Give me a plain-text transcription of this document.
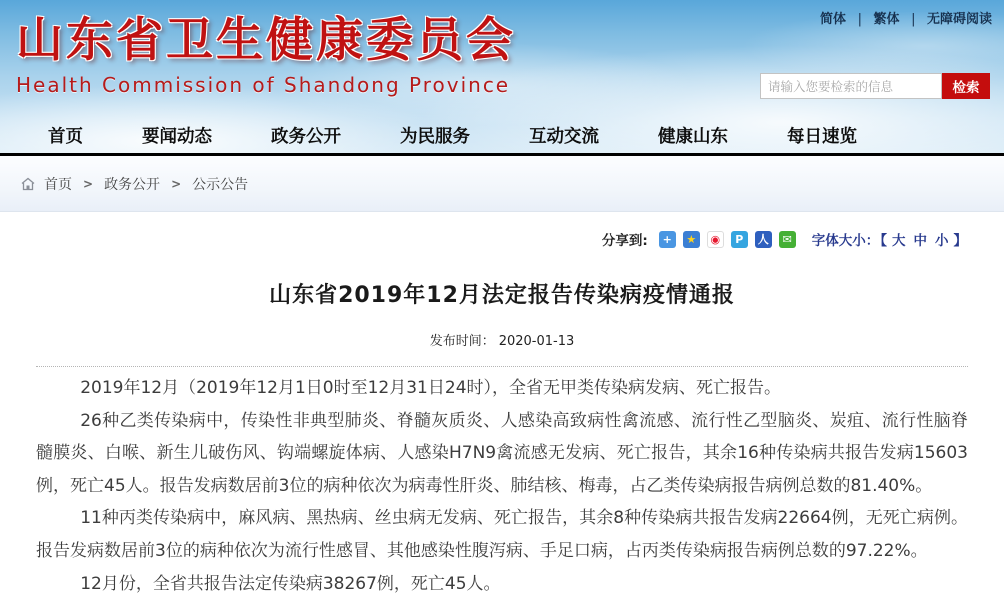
简体 | 繁体 | 无障碍阅读
山东省卫生健康委员会
Health Commission of Shandong Province
请输入您要检索的信息	检索
首页	要闻动态	政务公开	为民服务	互动交流	健康山东	每日速览
首页 > 政务公开 > 公示公告
分享到:	+	★	◉	P	人	✉ 字体大小：【 大 中 小 】
山东省2019年12月法定报告传染病疫情通报
发布时间： 2020-01-13

2019年12月（2019年12月1日0时至12月31日24时），全省无甲类传染病发病、死亡报告。

26种乙类传染病中，传染性非典型肺炎、脊髓灰质炎、人感染高致病性禽流感、流行性乙型脑炎、炭疽、流行性脑脊髓膜炎、白喉、新生儿破伤风、钩端螺旋体病、人感染H7N9禽流感无发病、死亡报告，其余16种传染病共报告发病15603例，死亡45人。报告发病数居前3位的病种依次为病毒性肝炎、肺结核、梅毒，占乙类传染病报告病例总数的81.40%。

11种丙类传染病中，麻风病、黑热病、丝虫病无发病、死亡报告，其余8种传染病共报告发病22664例，无死亡病例。报告发病数居前3位的病种依次为流行性感冒、其他感染性腹泻病、手足口病，占丙类传染病报告病例总数的97.22%。

12月份，全省共报告法定传染病38267例，死亡45人。
